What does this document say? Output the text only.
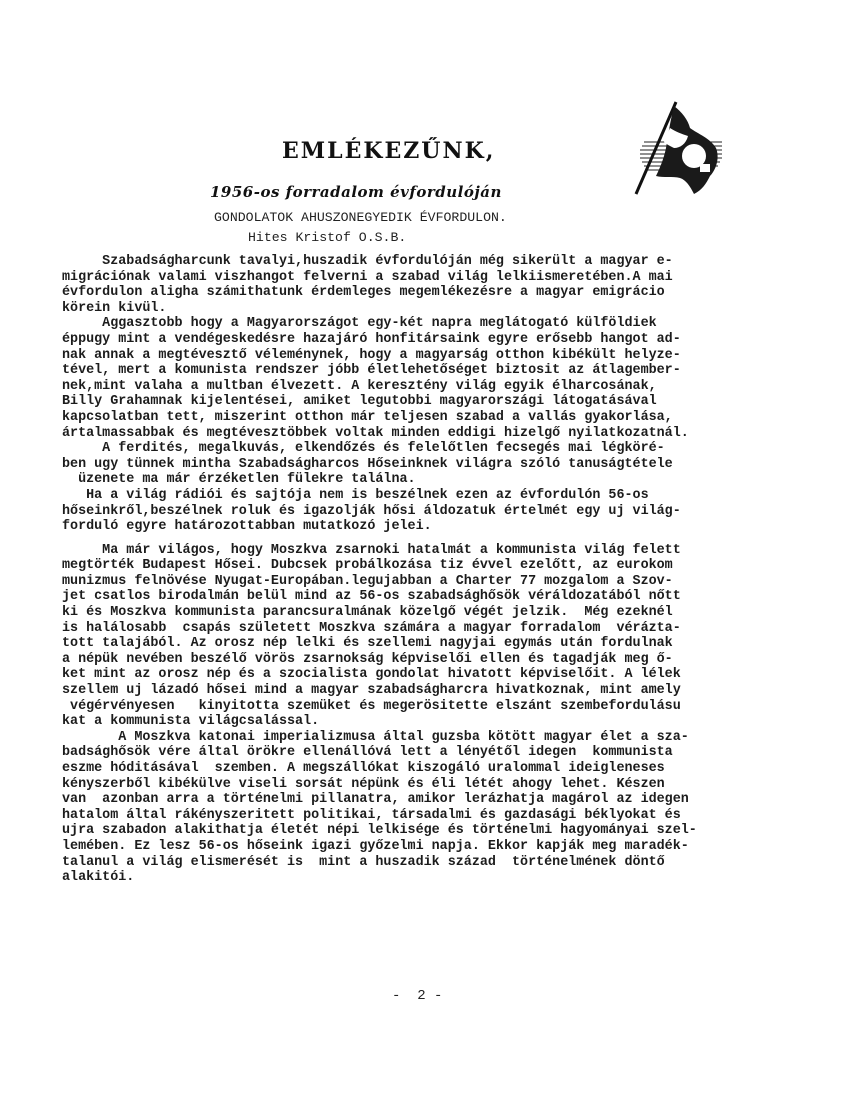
EMLÉKEZŰNK,
1956-os forradalom évfordulóján
GONDOLATOK AHUSZONEGYEDIK ÉVFORDULON.
Hites Kristof O.S.B.
Szabadságharcunk tavalyi,huszadik évfordulóján még sikerült a magyar e-
migrációnak valami viszhangot felverni a szabad világ lelkiismeretében.A mai
évfordulon aligha számithatunk érdemleges megemlékezésre a magyar emigrácio
körein kivül.
Aggasztobb hogy a Magyarországot egy-két napra meglátogató külföldiek
éppugy mint a vendégeskedésre hazajáró honfitársaink egyre erősebb hangot ad-
nak annak a megtévesztő véleménynek, hogy a magyarság otthon kibékült helyze-
tével, mert a komunista rendszer jóbb életlehetőséget biztosit az átlagember-
nek,mint valaha a multban élvezett. A keresztény világ egyik élharcosának,
Billy Grahamnak kijelentései, amiket legutobbi magyarországi látogatásával
kapcsolatban tett, miszerint otthon már teljesen szabad a vallás gyakorlása,
ártalmassabbak és megtévesztöbbek voltak minden eddigi hizelgő nyilatkozatnál.
A ferdités, megalkuvás, elkendőzés és felelőtlen fecsegés mai légköré-
ben ugy tünnek mintha Szabadságharcos Hőseinknek világra szóló tanuságtétele
üzenete ma már érzéketlen fülekre találna.
Ha a világ rádiói és sajtója nem is beszélnek ezen az évfordulón 56-os
hőseinkről,beszélnek roluk és igazolják hősi áldozatuk értelmét egy uj világ-
forduló egyre határozottabban mutatkozó jelei.
Ma már világos, hogy Moszkva zsarnoki hatalmát a kommunista világ felett
megtörték Budapest Hősei. Dubcsek probálkozása tiz évvel ezelőtt, az eurokom
munizmus felnövése Nyugat-Europában.legujabban a Charter 77 mozgalom a Szov-
jet csatlos birodalmán belül mind az 56-os szabadsághősök véráldozatából nőtt
ki és Moszkva kommunista parancsuralmának közelgő végét jelzik.  Még ezeknél
is halálosabb  csapás született Moszkva számára a magyar forradalom  vérázta-
tott talajából. Az orosz nép lelki és szellemi nagyjai egymás után fordulnak
a népük nevében beszélő vörös zsarnokság képviselői ellen és tagadják meg ő-
ket mint az orosz nép és a szocialista gondolat hivatott képviselőit. A lélek
szellem uj lázadó hősei mind a magyar szabadságharcra hivatkoznak, mint amely
végérvényesen   kinyitotta szemüket és megerösitette elszánt szembefordulásu
kat a kommunista világcsalással.
A Moszkva katonai imperializmusa által guzsba kötött magyar élet a sza-
badsághősök vére által örökre ellenállóvá lett a lényétől idegen  kommunista
eszme hóditásával  szemben. A megszállókat kiszogáló uralommal ideigleneses
kényszerből kibékülve viseli sorsát népünk és éli létét ahogy lehet. Készen
van  azonban arra a történelmi pillanatra, amikor lerázhatja magárol az idegen
hatalom által rákényszeritett politikai, társadalmi és gazdasági béklyokat és
ujra szabadon alakithatja életét népi lelkisége és történelmi hagyományai szel-
lemében. Ez lesz 56-os hőseink igazi győzelmi napja. Ekkor kapják meg maradék-
talanul a világ elismerését is  mint a huszadik század  történelmének döntő
alakitói.
-  2 -
